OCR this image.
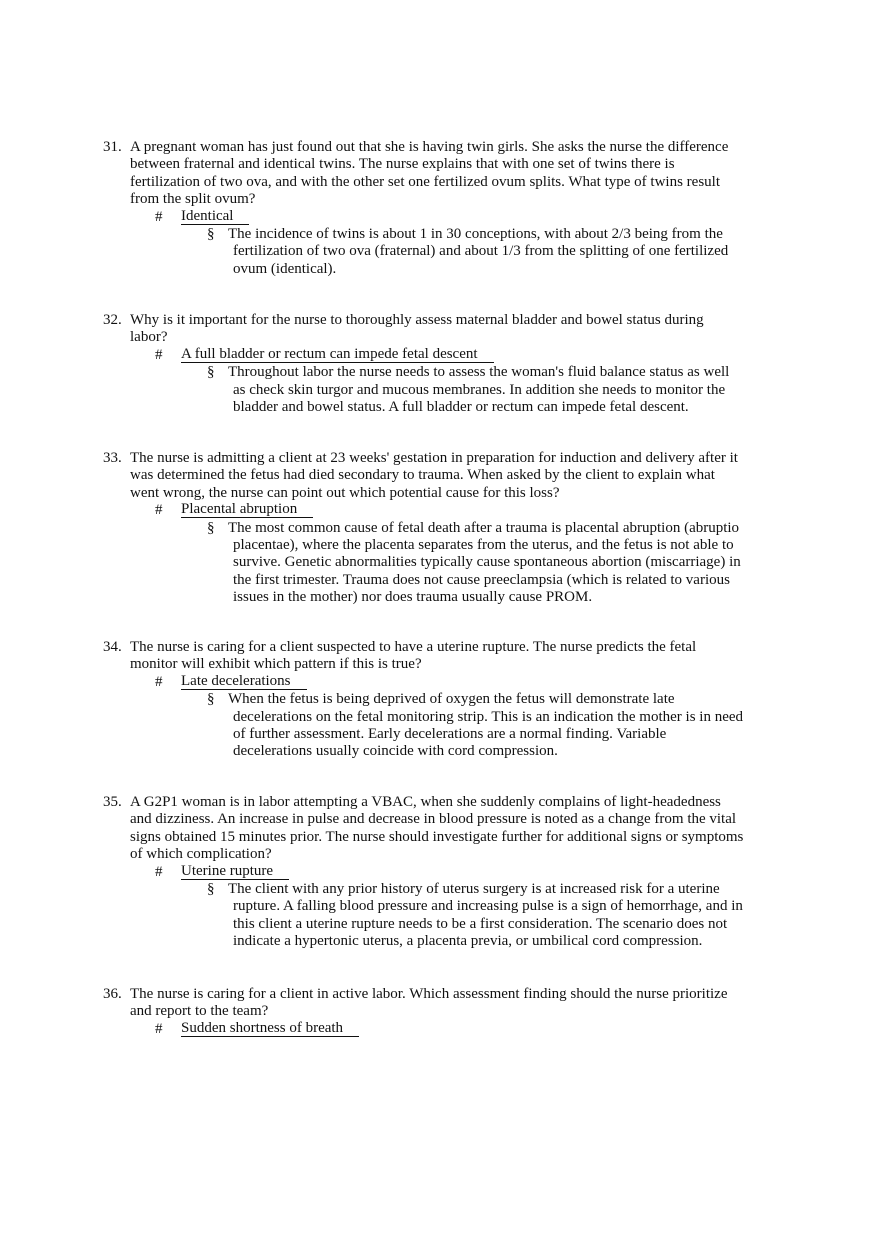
31. A pregnant woman has just found out that she is having twin girls. She asks the nurse the difference
between fraternal and identical twins. The nurse explains that with one set of twins there is
fertilization of two ova, and with the other set one fertilized ovum splits. What type of twins result
from the split ovum?
# Identical
§ The incidence of twins is about 1 in 30 conceptions, with about 2/3 being from the
fertilization of two ova (fraternal) and about 1/3 from the splitting of one fertilized
ovum (identical).
32. Why is it important for the nurse to thoroughly assess maternal bladder and bowel status during
labor?
# A full bladder or rectum can impede fetal descent
§ Throughout labor the nurse needs to assess the woman's fluid balance status as well
as check skin turgor and mucous membranes. In addition she needs to monitor the
bladder and bowel status. A full bladder or rectum can impede fetal descent.
33. The nurse is admitting a client at 23 weeks' gestation in preparation for induction and delivery after it
was determined the fetus had died secondary to trauma. When asked by the client to explain what
went wrong, the nurse can point out which potential cause for this loss?
# Placental abruption
§ The most common cause of fetal death after a trauma is placental abruption (abruptio
placentae), where the placenta separates from the uterus, and the fetus is not able to
survive. Genetic abnormalities typically cause spontaneous abortion (miscarriage) in
the first trimester. Trauma does not cause preeclampsia (which is related to various
issues in the mother) nor does trauma usually cause PROM.
34. The nurse is caring for a client suspected to have a uterine rupture. The nurse predicts the fetal
monitor will exhibit which pattern if this is true?
# Late decelerations
§ When the fetus is being deprived of oxygen the fetus will demonstrate late
decelerations on the fetal monitoring strip. This is an indication the mother is in need
of further assessment. Early decelerations are a normal finding. Variable
decelerations usually coincide with cord compression.
35. A G2P1 woman is in labor attempting a VBAC, when she suddenly complains of light-headedness
and dizziness. An increase in pulse and decrease in blood pressure is noted as a change from the vital
signs obtained 15 minutes prior. The nurse should investigate further for additional signs or symptoms
of which complication?
# Uterine rupture
§ The client with any prior history of uterus surgery is at increased risk for a uterine
rupture. A falling blood pressure and increasing pulse is a sign of hemorrhage, and in
this client a uterine rupture needs to be a first consideration. The scenario does not
indicate a hypertonic uterus, a placenta previa, or umbilical cord compression.
36. The nurse is caring for a client in active labor. Which assessment finding should the nurse prioritize
and report to the team?
# Sudden shortness of breath
